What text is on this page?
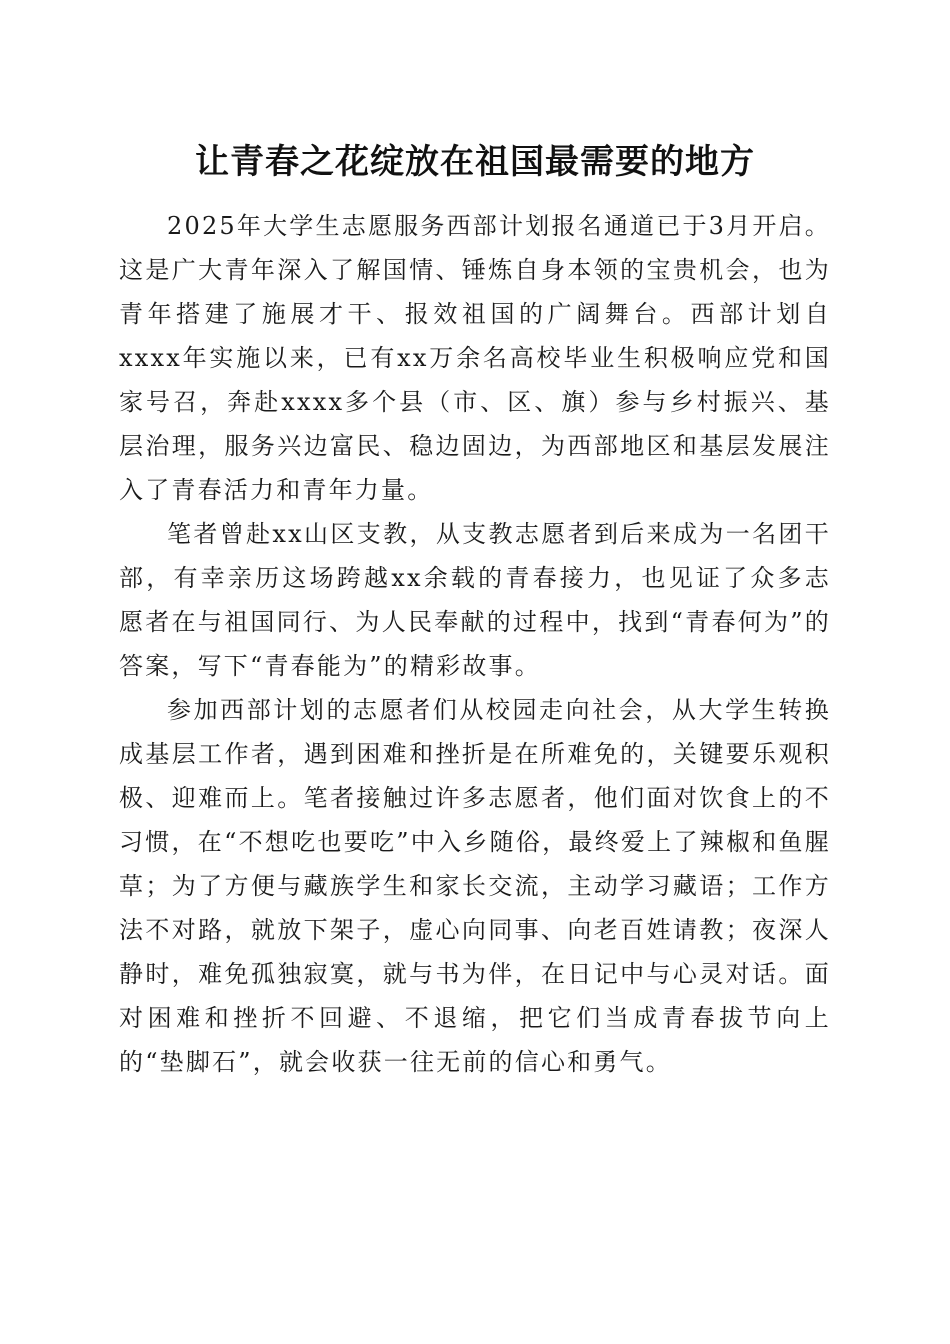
让青春之花绽放在祖国最需要的地方

2025年大学生志愿服务西部计划报名通道已于3月开启。这是广大青年深入了解国情、锤炼自身本领的宝贵机会，也为青年搭建了施展才干、报效祖国的广阔舞台。西部计划自xxxx年实施以来，已有xx万余名高校毕业生积极响应党和国家号召，奔赴xxxx多个县（市、区、旗）参与乡村振兴、基层治理，服务兴边富民、稳边固边，为西部地区和基层发展注入了青春活力和青年力量。

笔者曾赴xx山区支教，从支教志愿者到后来成为一名团干部，有幸亲历这场跨越xx余载的青春接力，也见证了众多志愿者在与祖国同行、为人民奉献的过程中，找到“青春何为”的答案，写下“青春能为”的精彩故事。

参加西部计划的志愿者们从校园走向社会，从大学生转换成基层工作者，遇到困难和挫折是在所难免的，关键要乐观积极、迎难而上。笔者接触过许多志愿者，他们面对饮食上的不习惯，在“不想吃也要吃”中入乡随俗，最终爱上了辣椒和鱼腥草；为了方便与藏族学生和家长交流，主动学习藏语；工作方法不对路，就放下架子，虚心向同事、向老百姓请教；夜深人静时，难免孤独寂寞，就与书为伴，在日记中与心灵对话。面对困难和挫折不回避、不退缩，把它们当成青春拔节向上的“垫脚石”，就会收获一往无前的信心和勇气。
